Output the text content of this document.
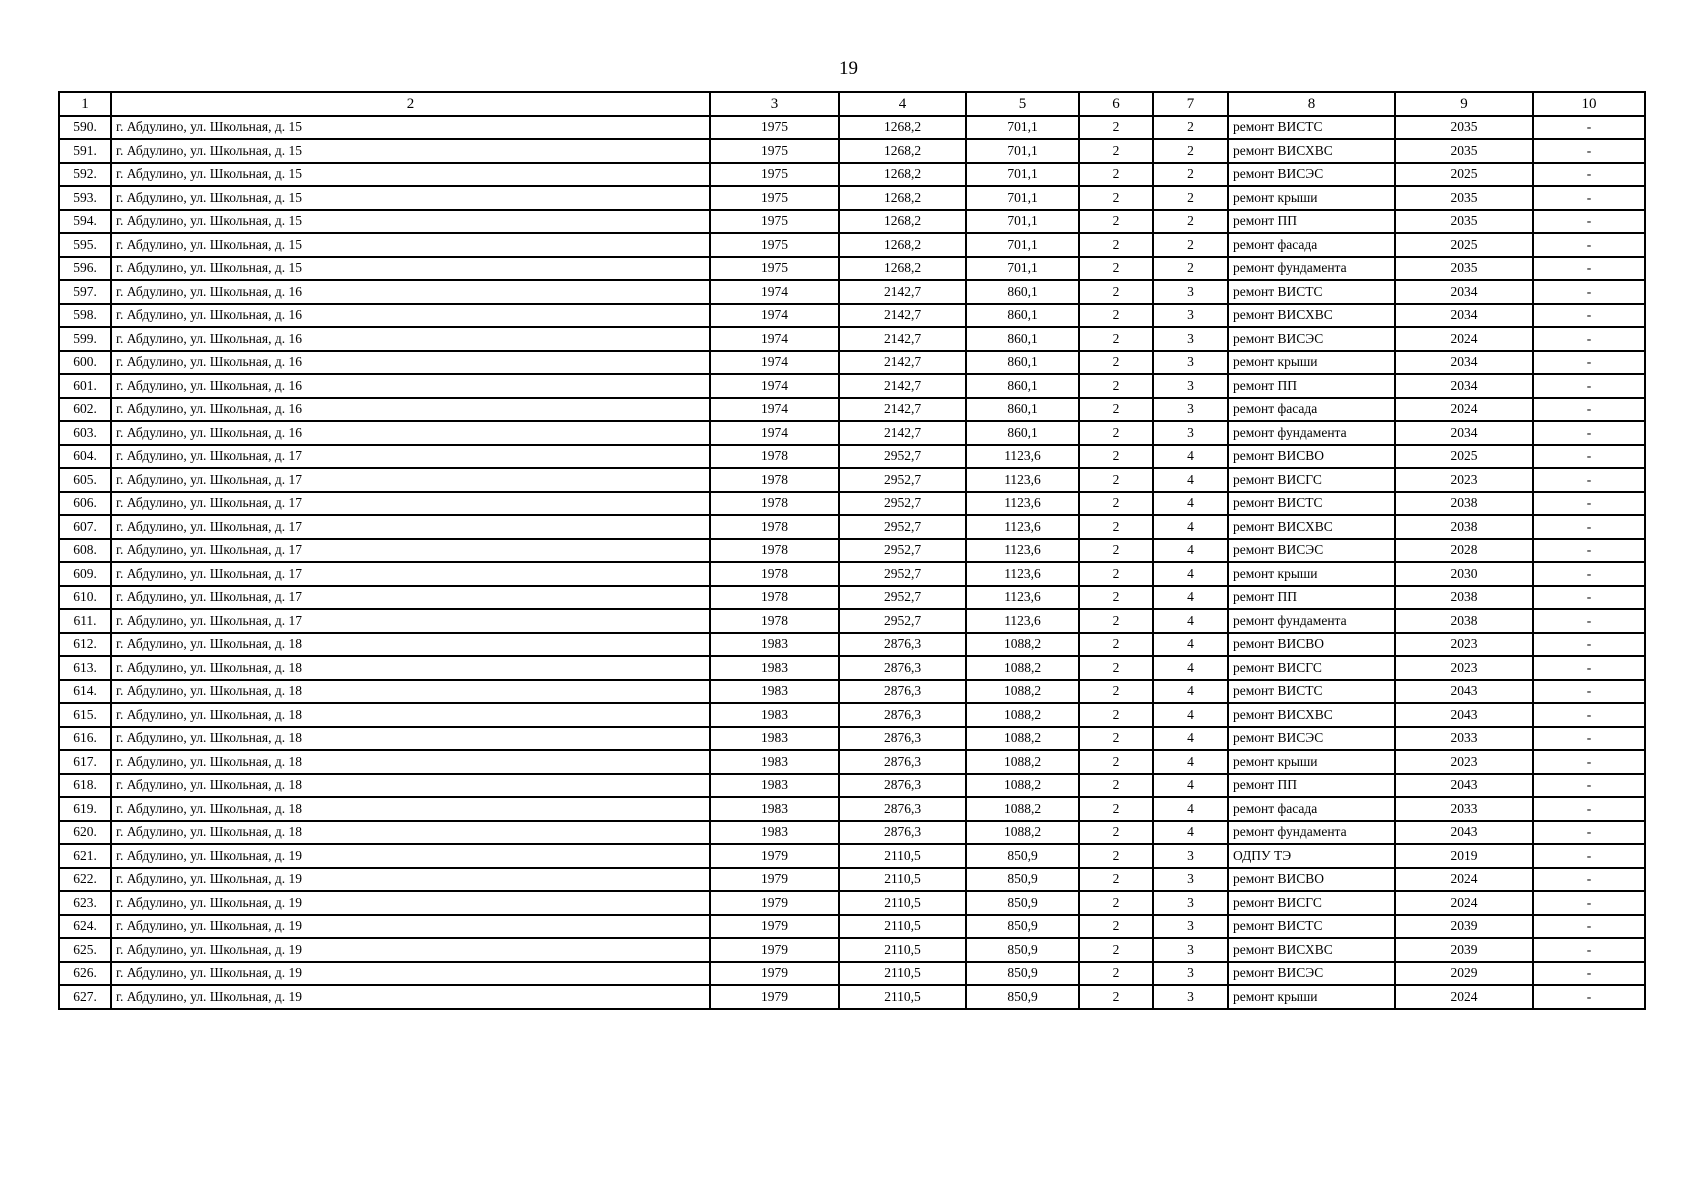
19
1	2	3	4	5	6	7	8	9	10
590.	г. Абдулино, ул. Школьная, д. 15	1975	1268,2	701,1	2	2	ремонт ВИСТС	2035	-
591.	г. Абдулино, ул. Школьная, д. 15	1975	1268,2	701,1	2	2	ремонт ВИСХВС	2035	-
592.	г. Абдулино, ул. Школьная, д. 15	1975	1268,2	701,1	2	2	ремонт ВИСЭС	2025	-
593.	г. Абдулино, ул. Школьная, д. 15	1975	1268,2	701,1	2	2	ремонт крыши	2035	-
594.	г. Абдулино, ул. Школьная, д. 15	1975	1268,2	701,1	2	2	ремонт ПП	2035	-
595.	г. Абдулино, ул. Школьная, д. 15	1975	1268,2	701,1	2	2	ремонт фасада	2025	-
596.	г. Абдулино, ул. Школьная, д. 15	1975	1268,2	701,1	2	2	ремонт фундамента	2035	-
597.	г. Абдулино, ул. Школьная, д. 16	1974	2142,7	860,1	2	3	ремонт ВИСТС	2034	-
598.	г. Абдулино, ул. Школьная, д. 16	1974	2142,7	860,1	2	3	ремонт ВИСХВС	2034	-
599.	г. Абдулино, ул. Школьная, д. 16	1974	2142,7	860,1	2	3	ремонт ВИСЭС	2024	-
600.	г. Абдулино, ул. Школьная, д. 16	1974	2142,7	860,1	2	3	ремонт крыши	2034	-
601.	г. Абдулино, ул. Школьная, д. 16	1974	2142,7	860,1	2	3	ремонт ПП	2034	-
602.	г. Абдулино, ул. Школьная, д. 16	1974	2142,7	860,1	2	3	ремонт фасада	2024	-
603.	г. Абдулино, ул. Школьная, д. 16	1974	2142,7	860,1	2	3	ремонт фундамента	2034	-
604.	г. Абдулино, ул. Школьная, д. 17	1978	2952,7	1123,6	2	4	ремонт ВИСВО	2025	-
605.	г. Абдулино, ул. Школьная, д. 17	1978	2952,7	1123,6	2	4	ремонт ВИСГС	2023	-
606.	г. Абдулино, ул. Школьная, д. 17	1978	2952,7	1123,6	2	4	ремонт ВИСТС	2038	-
607.	г. Абдулино, ул. Школьная, д. 17	1978	2952,7	1123,6	2	4	ремонт ВИСХВС	2038	-
608.	г. Абдулино, ул. Школьная, д. 17	1978	2952,7	1123,6	2	4	ремонт ВИСЭС	2028	-
609.	г. Абдулино, ул. Школьная, д. 17	1978	2952,7	1123,6	2	4	ремонт крыши	2030	-
610.	г. Абдулино, ул. Школьная, д. 17	1978	2952,7	1123,6	2	4	ремонт ПП	2038	-
611.	г. Абдулино, ул. Школьная, д. 17	1978	2952,7	1123,6	2	4	ремонт фундамента	2038	-
612.	г. Абдулино, ул. Школьная, д. 18	1983	2876,3	1088,2	2	4	ремонт ВИСВО	2023	-
613.	г. Абдулино, ул. Школьная, д. 18	1983	2876,3	1088,2	2	4	ремонт ВИСГС	2023	-
614.	г. Абдулино, ул. Школьная, д. 18	1983	2876,3	1088,2	2	4	ремонт ВИСТС	2043	-
615.	г. Абдулино, ул. Школьная, д. 18	1983	2876,3	1088,2	2	4	ремонт ВИСХВС	2043	-
616.	г. Абдулино, ул. Школьная, д. 18	1983	2876,3	1088,2	2	4	ремонт ВИСЭС	2033	-
617.	г. Абдулино, ул. Школьная, д. 18	1983	2876,3	1088,2	2	4	ремонт крыши	2023	-
618.	г. Абдулино, ул. Школьная, д. 18	1983	2876,3	1088,2	2	4	ремонт ПП	2043	-
619.	г. Абдулино, ул. Школьная, д. 18	1983	2876,3	1088,2	2	4	ремонт фасада	2033	-
620.	г. Абдулино, ул. Школьная, д. 18	1983	2876,3	1088,2	2	4	ремонт фундамента	2043	-
621.	г. Абдулино, ул. Школьная, д. 19	1979	2110,5	850,9	2	3	ОДПУ ТЭ	2019	-
622.	г. Абдулино, ул. Школьная, д. 19	1979	2110,5	850,9	2	3	ремонт ВИСВО	2024	-
623.	г. Абдулино, ул. Школьная, д. 19	1979	2110,5	850,9	2	3	ремонт ВИСГС	2024	-
624.	г. Абдулино, ул. Школьная, д. 19	1979	2110,5	850,9	2	3	ремонт ВИСТС	2039	-
625.	г. Абдулино, ул. Школьная, д. 19	1979	2110,5	850,9	2	3	ремонт ВИСХВС	2039	-
626.	г. Абдулино, ул. Школьная, д. 19	1979	2110,5	850,9	2	3	ремонт ВИСЭС	2029	-
627.	г. Абдулино, ул. Школьная, д. 19	1979	2110,5	850,9	2	3	ремонт крыши	2024	-
